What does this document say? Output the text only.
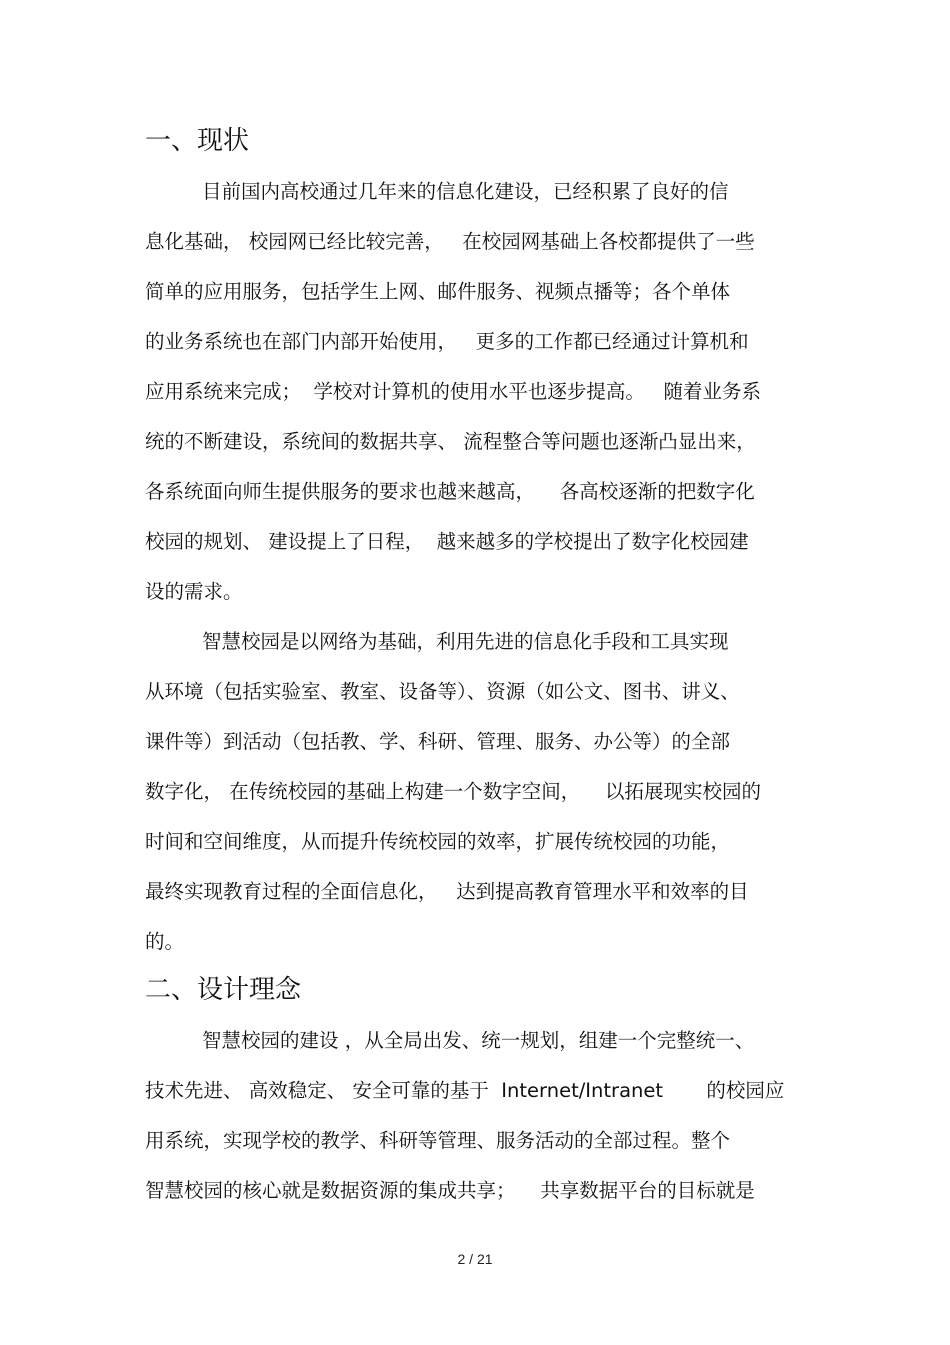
一、现状

目前国内高校通过几年来的信息化建设，已经积累了良好的信

息化基础， 校园网已经比较完善，   在校园网基础上各校都提供了一些

简单的应用服务，包括学生上网、邮件服务、视频点播等；各个单体

的业务系统也在部门内部开始使用，   更多的工作都已经通过计算机和

应用系统来完成；  学校对计算机的使用水平也逐步提高。   随着业务系

统的不断建设，系统间的数据共享、 流程整合等问题也逐渐凸显出来，

各系统面向师生提供服务的要求也越来越高，    各高校逐渐的把数字化

校园的规划、 建设提上了日程，  越来越多的学校提出了数字化校园建

设的需求。

智慧校园是以网络为基础，利用先进的信息化手段和工具实现

从环境（包括实验室、教室、设备等）、资源（如公文、图书、讲义、

课件等）到活动（包括教、学、科研、管理、服务、办公等）的全部

数字化， 在传统校园的基础上构建一个数字空间，    以拓展现实校园的

时间和空间维度，从而提升传统校园的效率，扩展传统校园的功能，

最终实现教育过程的全面信息化，   达到提高教育管理水平和效率的目

的。

二、设计理念

智慧校园的建设 ，从全局出发、统一规划，组建一个完整统一、

技术先进、 高效稳定、 安全可靠的基于  Internet/Intranet       的校园应

用系统，实现学校的教学、科研等管理、服务活动的全部过程。整个

智慧校园的核心就是数据资源的集成共享；    共享数据平台的目标就是

2 / 21
